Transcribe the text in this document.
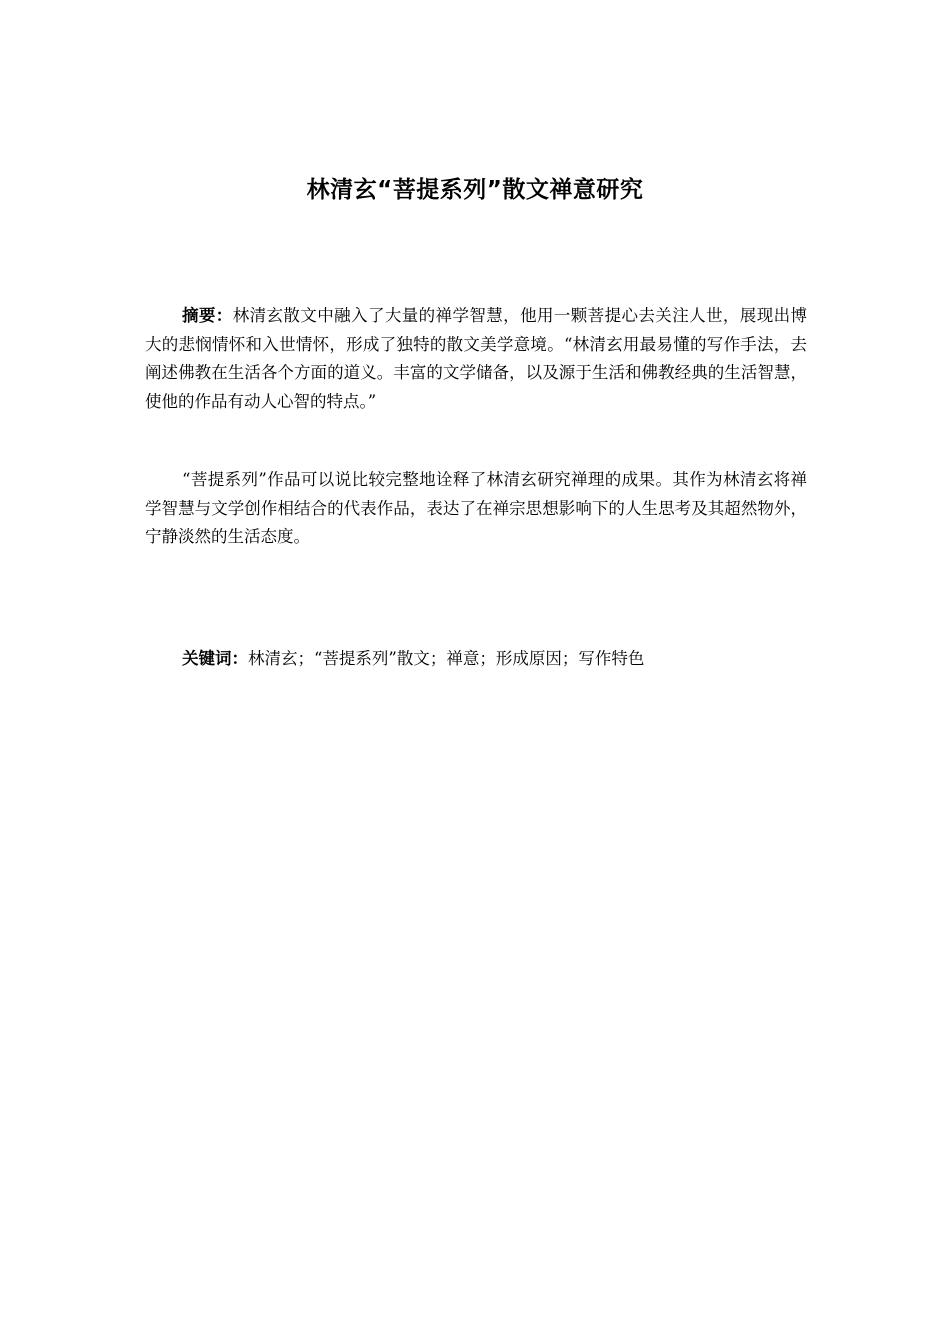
林清玄“菩提系列”散文禅意研究

摘要：林清玄散文中融入了大量的禅学智慧，他用一颗菩提心去关注人世，展现出博大的悲悯情怀和入世情怀，形成了独特的散文美学意境。“林清玄用最易懂的写作手法，去阐述佛教在生活各个方面的道义。丰富的文学储备，以及源于生活和佛教经典的生活智慧，使他的作品有动人心智的特点。”

“菩提系列”作品可以说比较完整地诠释了林清玄研究禅理的成果。其作为林清玄将禅学智慧与文学创作相结合的代表作品，表达了在禅宗思想影响下的人生思考及其超然物外，宁静淡然的生活态度。

关键词：林清玄；“菩提系列”散文；禅意；形成原因；写作特色
